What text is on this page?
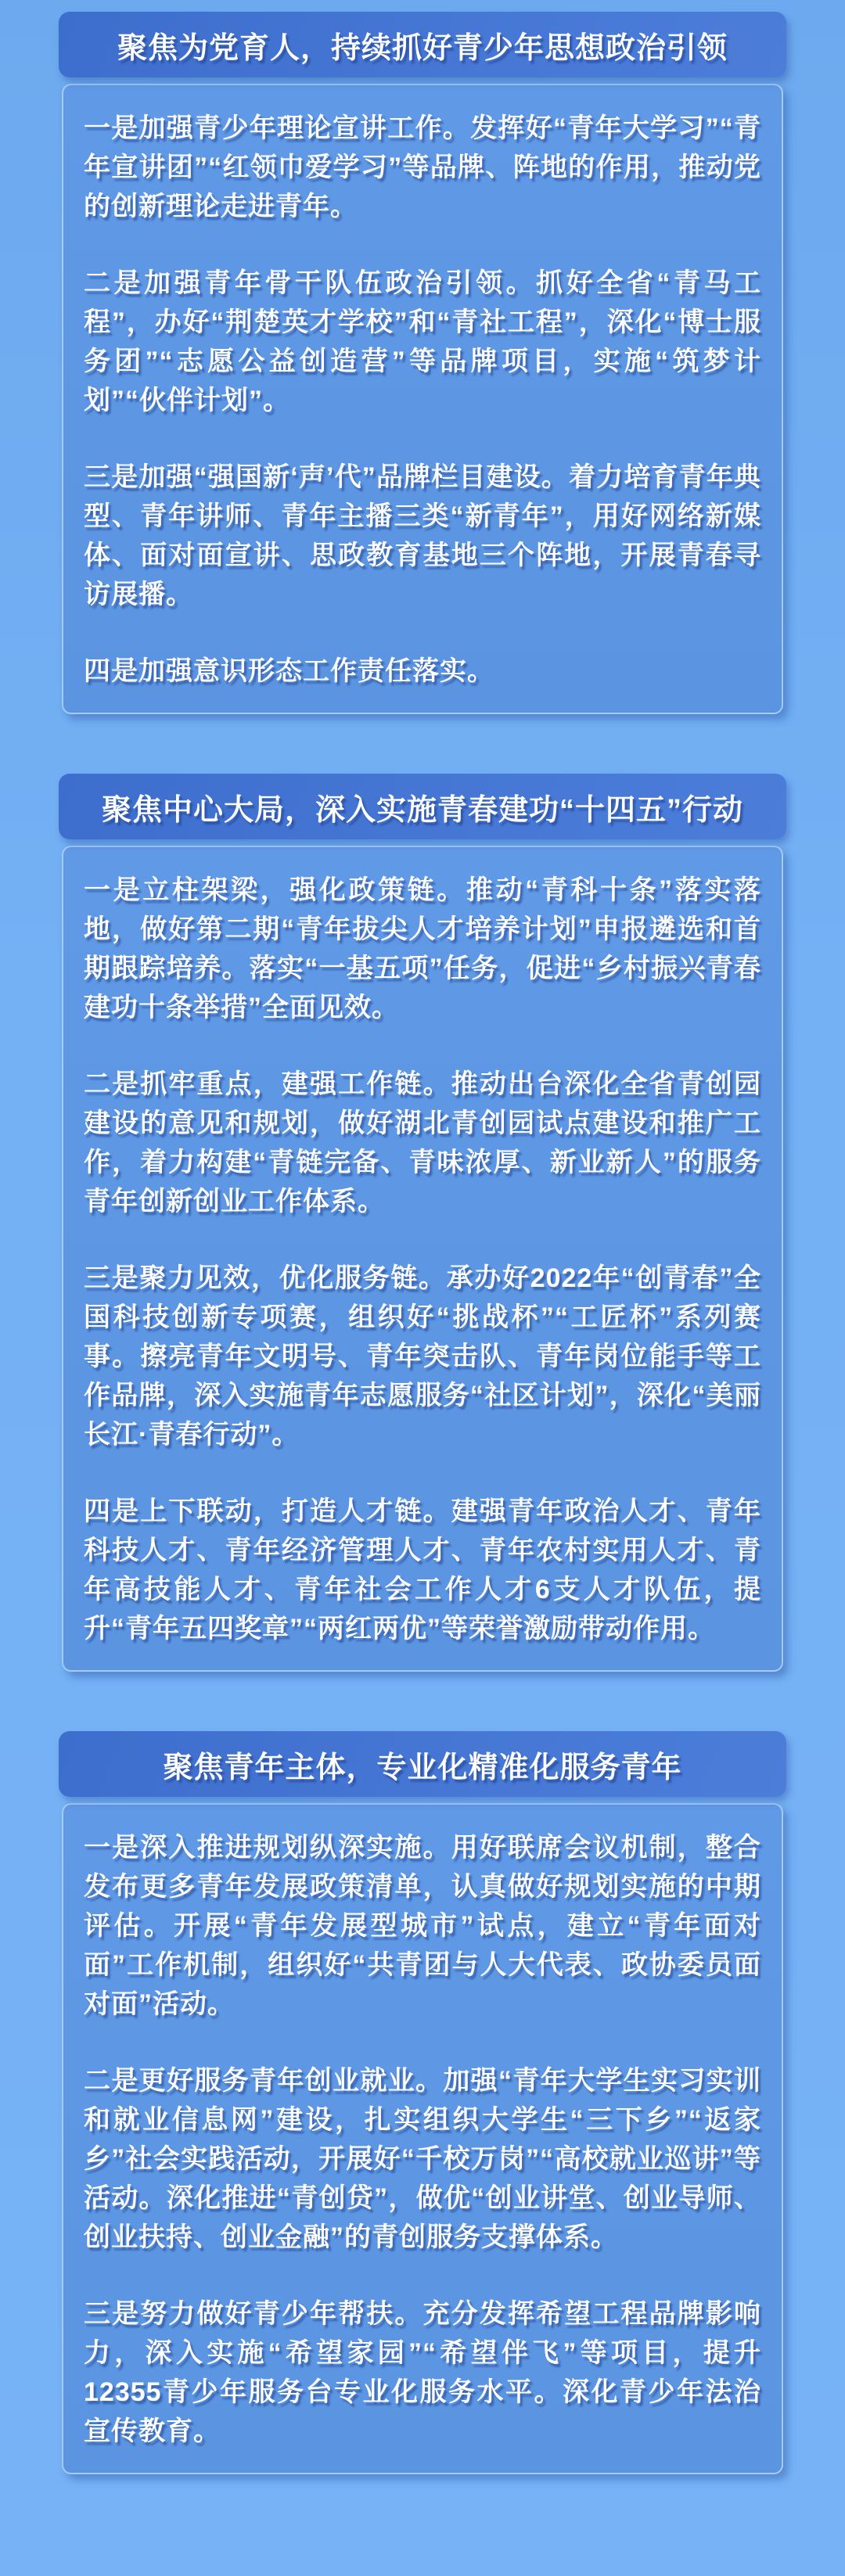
聚焦为党育人，持续抓好青少年思想政治引领

一是加强青少年理论宣讲工作。发挥好“青年大学习”“青年宣讲团”“红领巾爱学习”等品牌、阵地的作用，推动党的创新理论走进青年。

二是加强青年骨干队伍政治引领。抓好全省“青马工程”，办好“荆楚英才学校”和“青社工程”，深化“博士服务团”“志愿公益创造营”等品牌项目，实施“筑梦计划”“伙伴计划”。

三是加强“强国新‘声’代”品牌栏目建设。着力培育青年典型、青年讲师、青年主播三类“新青年”，用好网络新媒体、面对面宣讲、思政教育基地三个阵地，开展青春寻访展播。

四是加强意识形态工作责任落实。

聚焦中心大局，深入实施青春建功“十四五”行动

一是立柱架梁，强化政策链。推动“青科十条”落实落地，做好第二期“青年拔尖人才培养计划”申报遴选和首期跟踪培养。落实“一基五项”任务，促进“乡村振兴青春建功十条举措”全面见效。

二是抓牢重点，建强工作链。推动出台深化全省青创园建设的意见和规划，做好湖北青创园试点建设和推广工作，着力构建“青链完备、青味浓厚、新业新人”的服务青年创新创业工作体系。

三是聚力见效，优化服务链。承办好2022年“创青春”全国科技创新专项赛，组织好“挑战杯”“工匠杯”系列赛事。擦亮青年文明号、青年突击队、青年岗位能手等工作品牌，深入实施青年志愿服务“社区计划”，深化“美丽长江·青春行动”。

四是上下联动，打造人才链。建强青年政治人才、青年科技人才、青年经济管理人才、青年农村实用人才、青年高技能人才、青年社会工作人才6支人才队伍，提升“青年五四奖章”“两红两优”等荣誉激励带动作用。

聚焦青年主体，专业化精准化服务青年

一是深入推进规划纵深实施。用好联席会议机制，整合发布更多青年发展政策清单，认真做好规划实施的中期评估。开展“青年发展型城市”试点，建立“青年面对面”工作机制，组织好“共青团与人大代表、政协委员面对面”活动。

二是更好服务青年创业就业。加强“青年大学生实习实训和就业信息网”建设，扎实组织大学生“三下乡”“返家乡”社会实践活动，开展好“千校万岗”“高校就业巡讲”等活动。深化推进“青创贷”，做优“创业讲堂、创业导师、创业扶持、创业金融”的青创服务支撑体系。

三是努力做好青少年帮扶。充分发挥希望工程品牌影响力，深入实施“希望家园”“希望伴飞”等项目，提升12355青少年服务台专业化服务水平。深化青少年法治宣传教育。
